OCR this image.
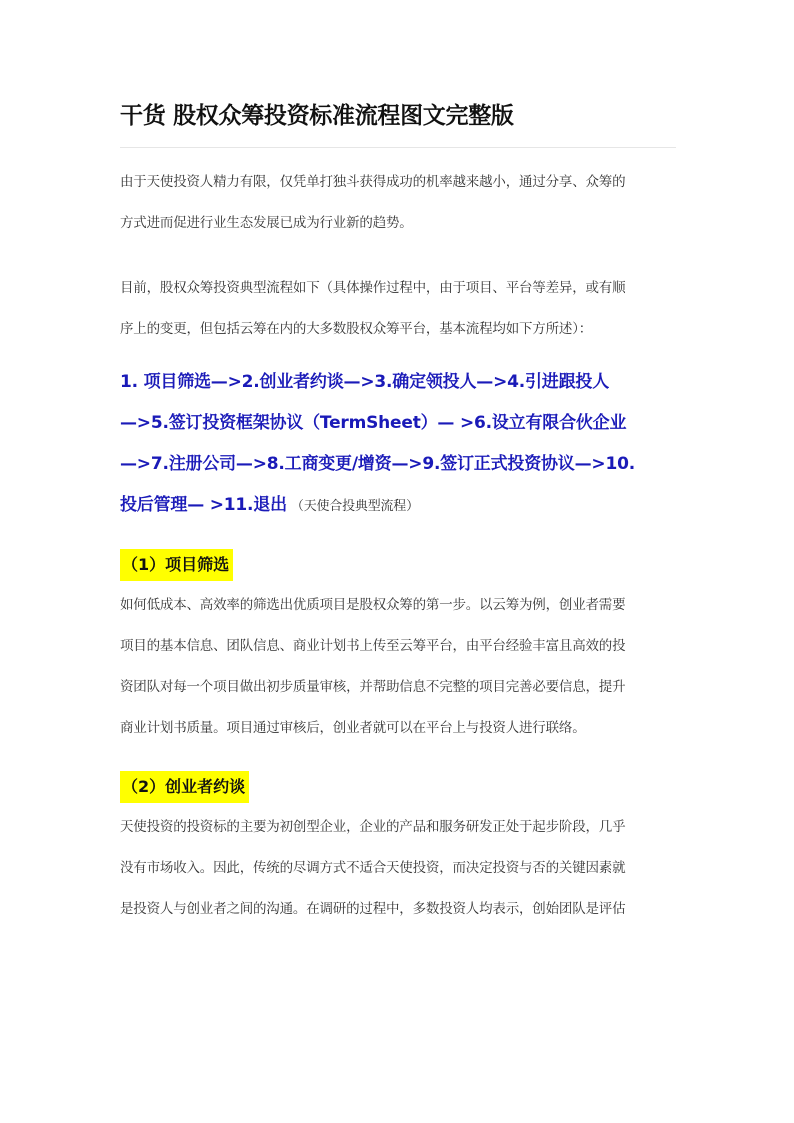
干货 股权众筹投资标准流程图文完整版

由于天使投资人精力有限，仅凭单打独斗获得成功的机率越来越小，通过分享、众筹的

方式进而促进行业生态发展已成为行业新的趋势。

目前，股权众筹投资典型流程如下（具体操作过程中，由于项目、平台等差异，或有顺

序上的变更，但包括云筹在内的大多数股权众筹平台，基本流程均如下方所述）：

1. 项目筛选—>2.创业者约谈—>3.确定领投人—>4.引进跟投人
—>5.签订投资框架协议（TermSheet）— >6.设立有限合伙企业
—>7.注册公司—>8.工商变更/增资—>9.签订正式投资协议—>10.
投后管理— >11.退出 （天使合投典型流程）
（1）项目筛选

如何低成本、高效率的筛选出优质项目是股权众筹的第一步。以云筹为例，创业者需要

项目的基本信息、团队信息、商业计划书上传至云筹平台，由平台经验丰富且高效的投

资团队对每一个项目做出初步质量审核，并帮助信息不完整的项目完善必要信息，提升

商业计划书质量。项目通过审核后，创业者就可以在平台上与投资人进行联络。

（2）创业者约谈

天使投资的投资标的主要为初创型企业，企业的产品和服务研发正处于起步阶段，几乎

没有市场收入。因此，传统的尽调方式不适合天使投资，而决定投资与否的关键因素就

是投资人与创业者之间的沟通。在调研的过程中，多数投资人均表示，创始团队是评估
